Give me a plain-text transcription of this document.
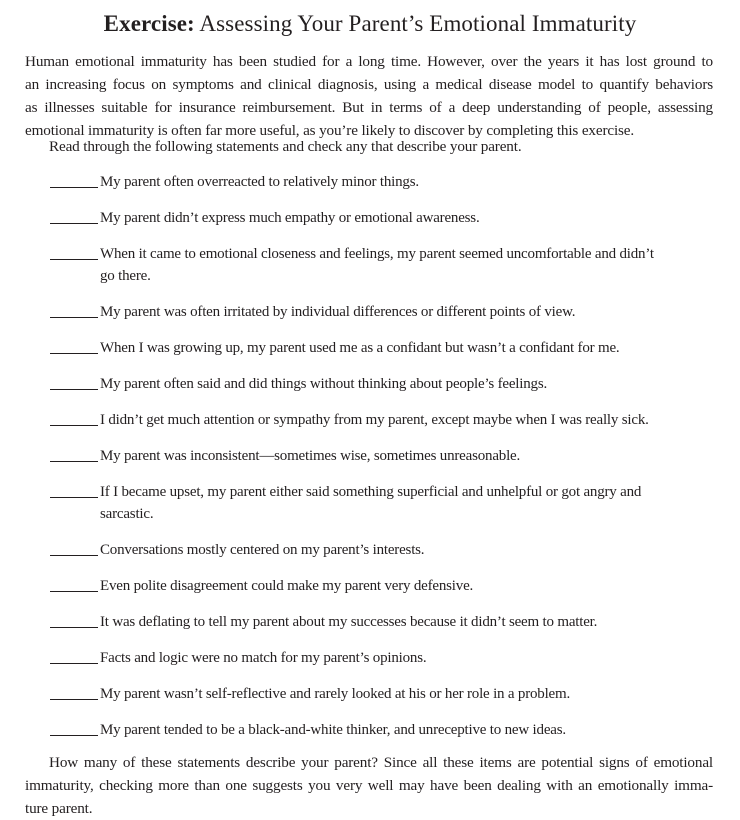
Exercise: Assessing Your Parent’s Emotional Immaturity
Human emotional immaturity has been studied for a long time. However, over the years it has lost ground to
an increasing focus on symptoms and clinical diagnosis, using a medical disease model to quantify behaviors
as illnesses suitable for insurance reimbursement. But in terms of a deep understanding of people, assessing
emotional immaturity is often far more useful, as you’re likely to discover by completing this exercise.
Read through the following statements and check any that describe your parent.
My parent often overreacted to relatively minor things.
My parent didn’t express much empathy or emotional awareness.
When it came to emotional closeness and feelings, my parent seemed uncomfortable and didn’t
go there.
My parent was often irritated by individual differences or different points of view.
When I was growing up, my parent used me as a confidant but wasn’t a confidant for me.
My parent often said and did things without thinking about people’s feelings.
I didn’t get much attention or sympathy from my parent, except maybe when I was really sick.
My parent was inconsistent—sometimes wise, sometimes unreasonable.
If I became upset, my parent either said something superficial and unhelpful or got angry and
sarcastic.
Conversations mostly centered on my parent’s interests.
Even polite disagreement could make my parent very defensive.
It was deflating to tell my parent about my successes because it didn’t seem to matter.
Facts and logic were no match for my parent’s opinions.
My parent wasn’t self-reflective and rarely looked at his or her role in a problem.
My parent tended to be a black-and-white thinker, and unreceptive to new ideas.
How many of these statements describe your parent? Since all these items are potential signs of emotional
immaturity, checking more than one suggests you very well may have been dealing with an emotionally imma-
ture parent.
